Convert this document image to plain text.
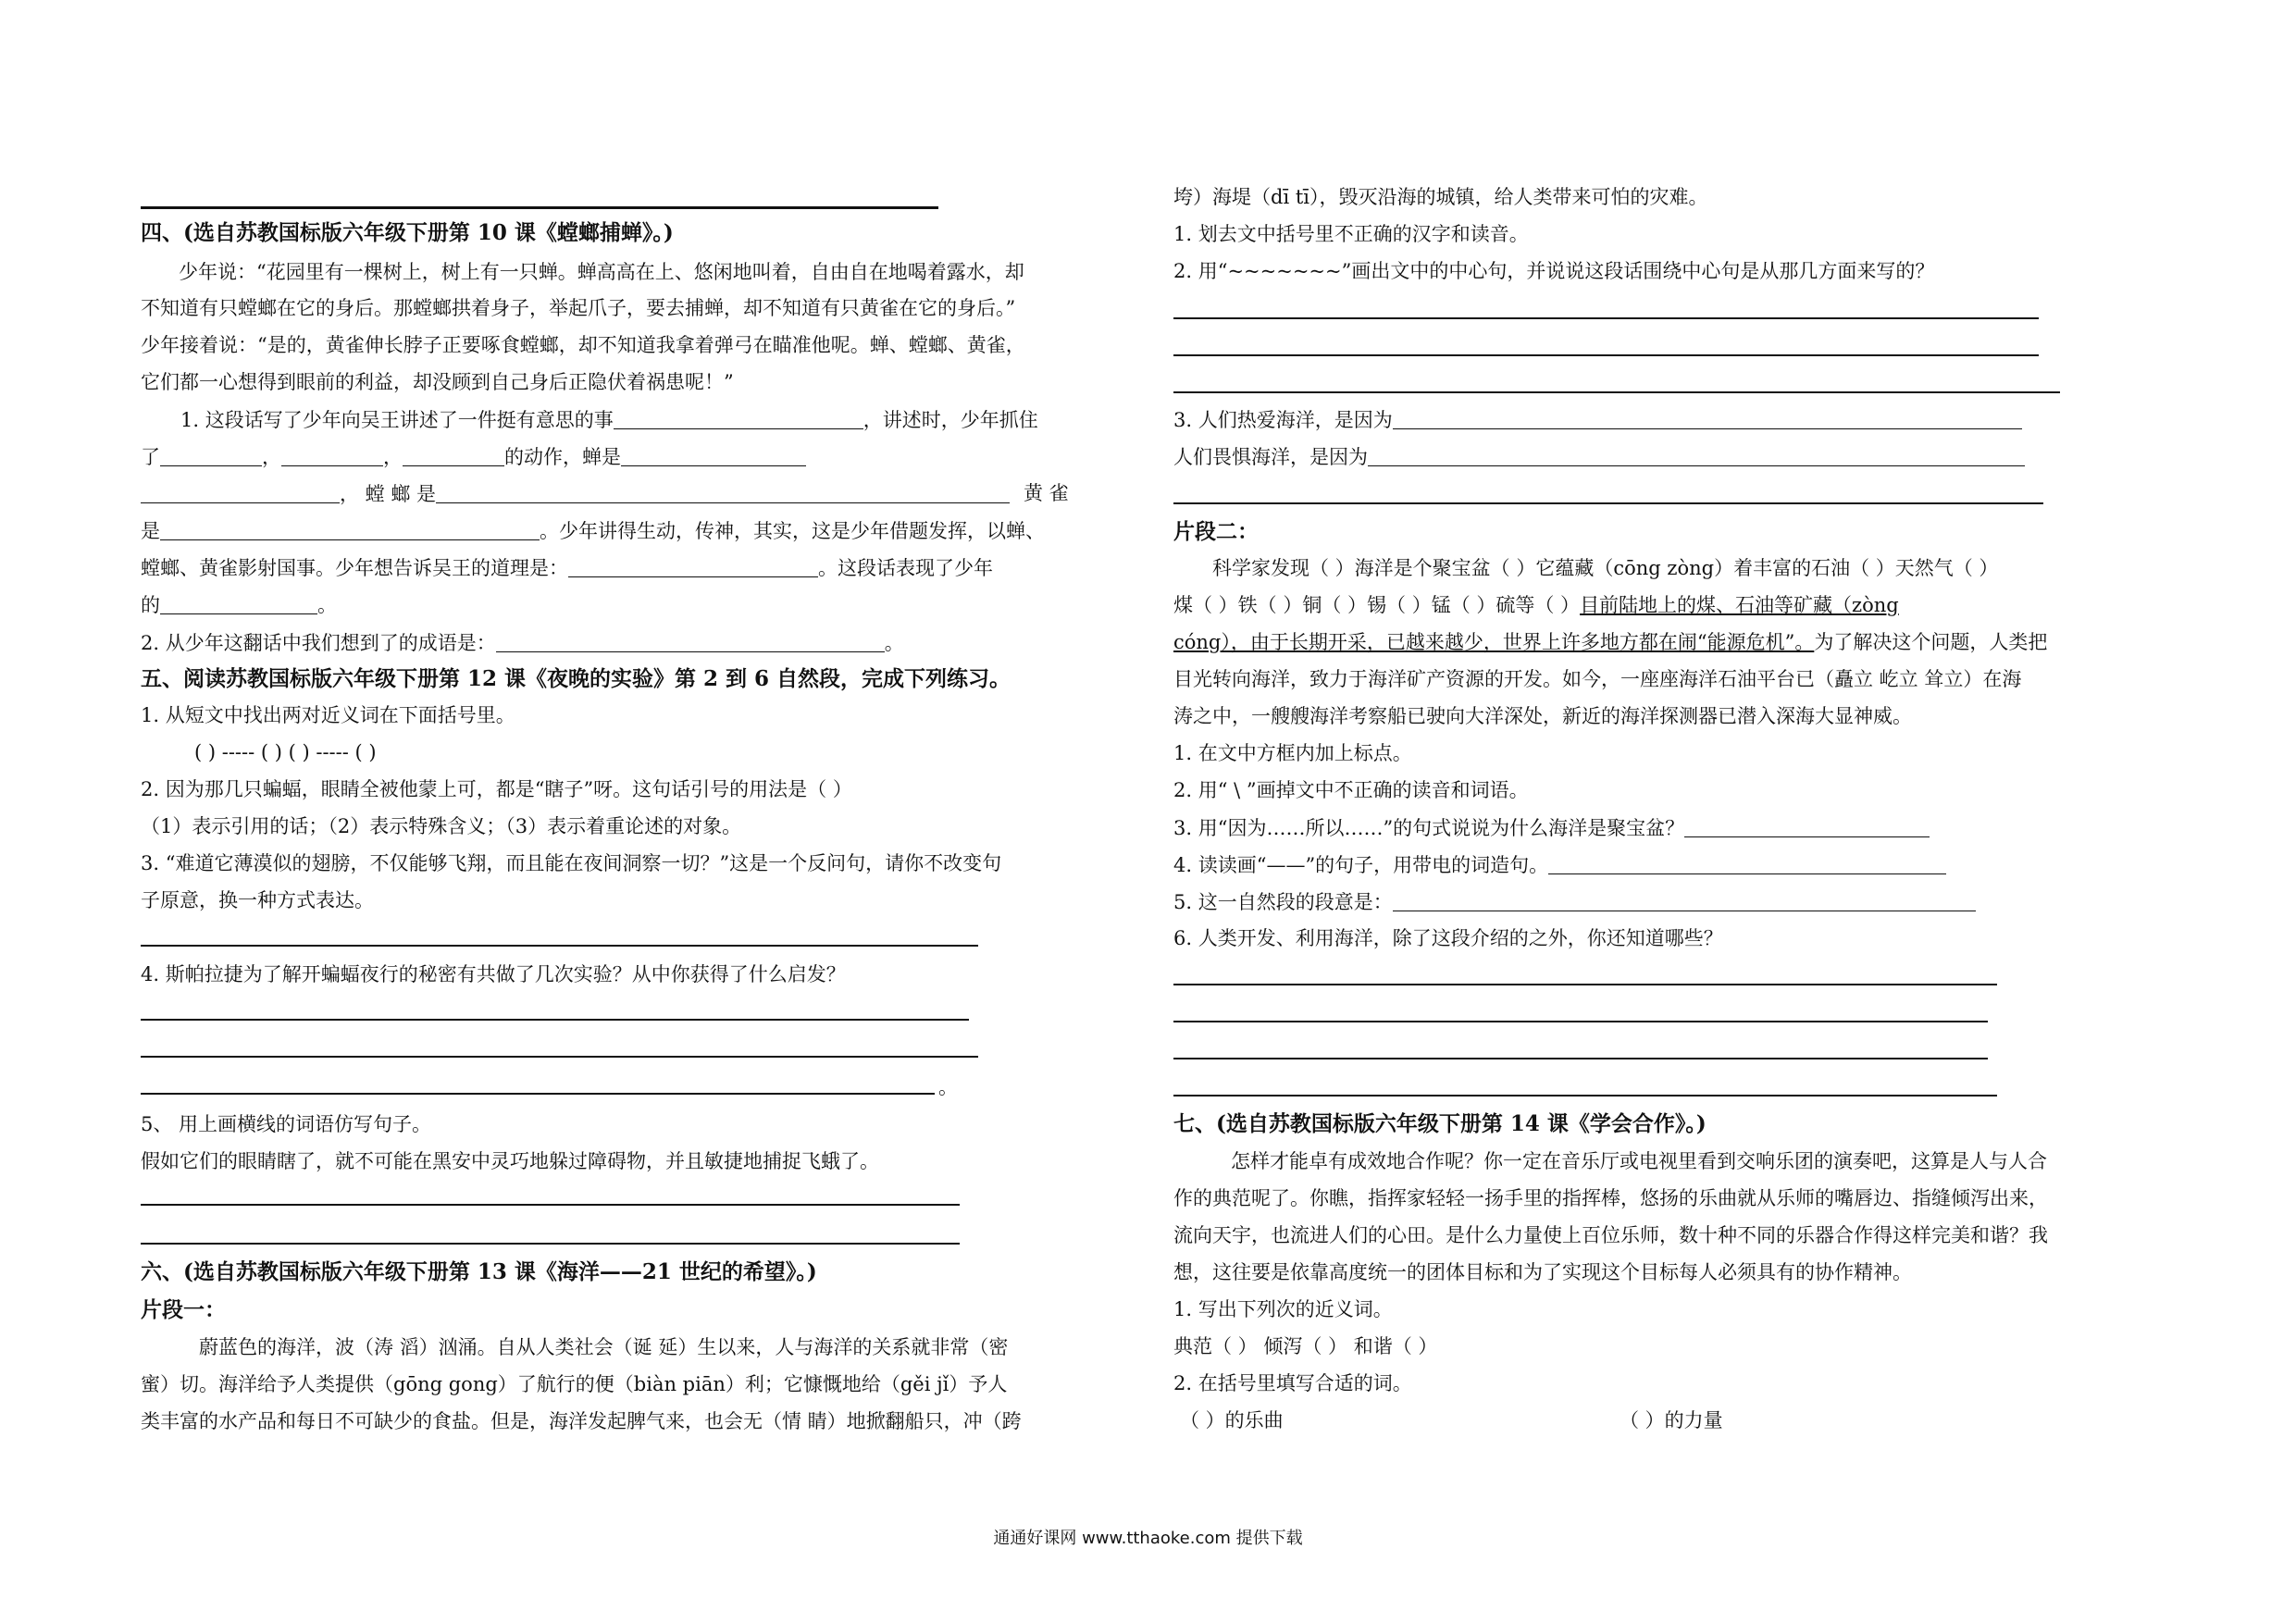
四、(选自苏教国标版六年级下册第 10 课《螳螂捕蝉》。)
少年说：“花园里有一棵树上，树上有一只蝉。蝉高高在上、悠闲地叫着，自由自在地喝着露水，却
不知道有只螳螂在它的身后。那螳螂拱着身子，举起爪子，要去捕蝉，却不知道有只黄雀在它的身后。”
少年接着说：“是的，黄雀伸长脖子正要啄食螳螂，却不知道我拿着弹弓在瞄准他呢。蝉、螳螂、黄雀，
它们都一心想得到眼前的利益，却没顾到自己身后正隐伏着祸患呢！”
1. 这段话写了少年向吴王讲述了一件挺有意思的事	，讲述时，少年抓住
了	，	，	的动作，蝉是
， 螳 螂 是	黄 雀
是	。少年讲得生动，传神，其实，这是少年借题发挥，以蝉、
螳螂、黄雀影射国事。少年想告诉吴王的道理是：	。这段话表现了少年
的	。
2. 从少年这翻话中我们想到了的成语是：	。
五、阅读苏教国标版六年级下册第 12 课《夜晚的实验》第 2 到 6 自然段，完成下列练习。
1. 从短文中找出两对近义词在下面括号里。
( ) ----- ( ) ( ) ----- ( )
2. 因为那几只蝙蝠，眼睛全被他蒙上可，都是“瞎子”呀。这句话引号的用法是（ ）
（1）表示引用的话；（2）表示特殊含义；（3）表示着重论述的对象。
3. “难道它薄漠似的翅膀，不仅能够飞翔，而且能在夜间洞察一切？”这是一个反问句，请你不改变句
子原意，换一种方式表达。
4. 斯帕拉捷为了解开蝙蝠夜行的秘密有共做了几次实验？从中你获得了什么启发？
。
5、 用上画横线的词语仿写句子。
假如它们的眼睛瞎了，就不可能在黑安中灵巧地躲过障碍物，并且敏捷地捕捉飞蛾了。
六、(选自苏教国标版六年级下册第 13 课《海洋——21 世纪的希望》。)
片段一：
蔚蓝色的海洋，波（涛 滔）汹涌。自从人类社会（诞 延）生以来，人与海洋的关系就非常（密
蜜）切。海洋给予人类提供（gōng gong）了航行的便（biàn piān）利；它慷慨地给（gěi jǐ）予人
类丰富的水产品和每日不可缺少的食盐。但是，海洋发起脾气来，也会无（情 睛）地掀翻船只，冲（跨
垮）海堤（dī tī），毁灭沿海的城镇，给人类带来可怕的灾难。
1. 划去文中括号里不正确的汉字和读音。
2. 用“~~~~~~~”画出文中的中心句，并说说这段话围绕中心句是从那几方面来写的？
3. 人们热爱海洋，是因为
人们畏惧海洋，是因为
片段二：
科学家发现（ ）海洋是个聚宝盆（ ）它蕴藏（cōng zòng）着丰富的石油（ ）天然气（ ）
煤（ ）铁（ ）铜（ ）锡（ ）锰（ ）硫等（ ）目前陆地上的煤、石油等矿藏（zòng
cóng），由于长期开采，已越来越少，世界上许多地方都在闹“能源危机”。为了解决这个问题，人类把
目光转向海洋，致力于海洋矿产资源的开发。如今，一座座海洋石油平台已（矗立 屹立 耸立）在海
涛之中，一艘艘海洋考察船已驶向大洋深处，新近的海洋探测器已潜入深海大显神威。
1. 在文中方框内加上标点。
2. 用“ \ ”画掉文中不正确的读音和词语。
3. 用“因为……所以……”的句式说说为什么海洋是聚宝盆？
4. 读读画“——”的句子，用带电的词造句。
5. 这一自然段的段意是：
6. 人类开发、利用海洋，除了这段介绍的之外，你还知道哪些？
七、(选自苏教国标版六年级下册第 14 课《学会合作》。)
怎样才能卓有成效地合作呢？你一定在音乐厅或电视里看到交响乐团的演奏吧，这算是人与人合
作的典范呢了。你瞧，指挥家轻轻一扬手里的指挥棒，悠扬的乐曲就从乐师的嘴唇边、指缝倾泻出来，
流向天宇，也流进人们的心田。是什么力量使上百位乐师，数十种不同的乐器合作得这样完美和谐？我
想，这往要是依靠高度统一的团体目标和为了实现这个目标每人必须具有的协作精神。
1. 写出下列次的近义词。
典范（ ） 倾泻（ ） 和谐（ ）
2. 在括号里填写合适的词。
（ ）的乐曲	（ ）的力量
通通好课网 www.tthaoke.com 提供下载
